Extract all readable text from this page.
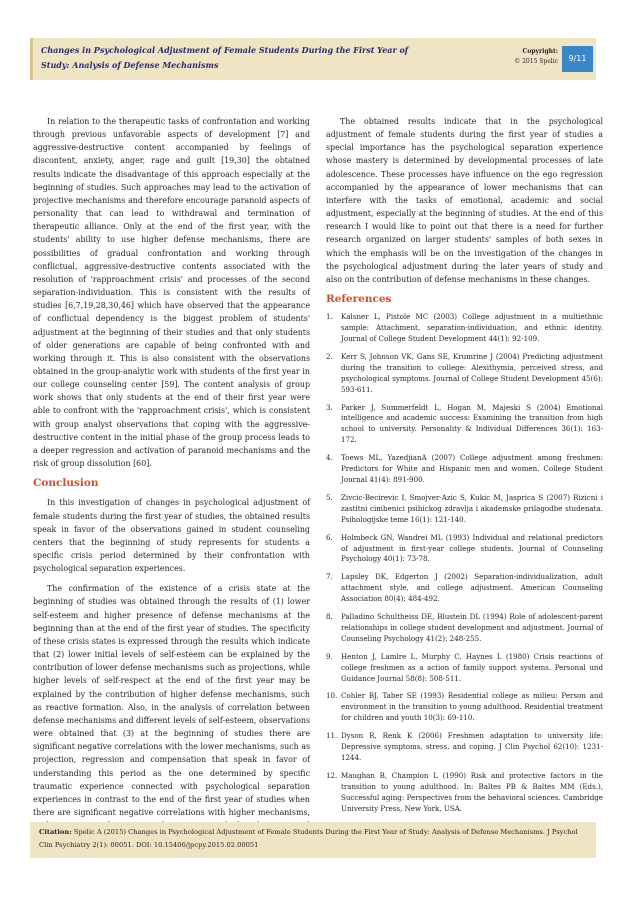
Changes in Psychological Adjustment of Female Students During the First Year of Study: Analysis of Defense Mechanisms
Copyright:
© 2015 Spelic	9/11

In relation to the therapeutic tasks of confrontation and working through previous unfavorable aspects of development [7] and aggressive-destructive content accompanied by feelings of discontent, anxiety, anger, rage and guilt [19,30] the obtained results indicate the disadvantage of this approach especially at the beginning of studies. Such approaches may lead to the activation of projective mechanisms and therefore encourage paranoid aspects of personality that can lead to withdrawal and termination of therapeutic alliance. Only at the end of the first year, with the students' ability to use higher defense mechanisms, there are possibilities of gradual confrontation and working through conflictual, aggressive-destructive contents associated with the resolution of 'rapproachment crisis' and processes of the second separation-individuation. This is consistent with the results of studies [6,7,19,28,30,46] which have observed that the appearance of conflictual dependency is the biggest problem of students' adjustment at the beginning of their studies and that only students of older generations are capable of being confronted with and working through it. This is also consistent with the observations obtained in the group-analytic work with students of the first year in our college counseling center [59]. The content analysis of group work shows that only students at the end of their first year were able to confront with the 'rapproachment crisis', which is consistent with group analyst observations that coping with the aggressive-destructive content in the initial phase of the group process leads to a deeper regression and activation of paranoid mechanisms and the risk of group dissolution [60].

Conclusion

In this investigation of changes in psychological adjustment of female students during the first year of studies, the obtained results speak in favor of the observations gained in student counseling centers that the beginning of study represents for students a specific crisis period determined by their confrontation with psychological separation experiences.

The confirmation of the existence of a crisis state at the beginning of studies was obtained through the results of (1) lower self-esteem and higher presence of defense mechanisms at the beginning than at the end of the first year of studies. The specificity of these crisis states is expressed through the results which indicate that (2) lower initial levels of self-esteem can be explained by the contribution of lower defense mechanisms such as projections, while higher levels of self-respect at the end of the first year may be explained by the contribution of higher defense mechanisms, such as reactive formation. Also, in the analysis of correlation between defense mechanisms and different levels of self-esteem, observations were obtained that (3) at the beginning of studies there are significant negative correlations with the lower mechanisms, such as projection, regression and compensation that speak in favor of understanding this period as the one determined by specific traumatic experience connected with psychological separation experiences in contrast to the end of the first year of studies when there are significant negative correlations with higher mechanisms,

The obtained results indicate that in the psychological adjustment of female students during the first year of studies a special importance has the psychological separation experience whose mastery is determined by developmental processes of late adolescence. These processes have influence on the ego regression accompanied by the appearance of lower mechanisms that can interfere with the tasks of emotional, academic and social adjustment, especially at the beginning of studies. At the end of this research I would like to point out that there is a need for further research organized on larger students' samples of both sexes in which the emphasis will be on the investigation of the changes in the psychological adjustment during the later years of study and also on the contribution of defense mechanisms in these changes.

References
1.	Kalsner L, Pistole MC (2003) College adjustment in a multiethnic sample: Attachment, separation-individuation, and ethnic identity. Journal of College Student Development 44(1): 92-109.
2.	Kerr S, Johnson VK, Gans SE, Krumrine J (2004) Predicting adjustment during the transition to college: Alexithymia, perceived stress, and psychological symptoms. Journal of College Student Development 45(6): 593-611.
3.	Parker J, Summerfeldt L, Hogan M, Majeski S (2004) Emotional intelligence and academic success: Examining the transition from high school to university. Personality & Individual Differences 36(1): 163-172.
4.	Toews ML, YazedjianA (2007) College adjustment among freshmen: Predictors for White and Hispanic men and women. College Student Journal 41(4): 891-900.
5.	Zivcic-Becirevic I, Smojver-Azic S, Kukic M, Jasprica S (2007) Rizicni i zastitni cimbenici psihickog zdravlja i akademske prilagodbe studenata. Psihologijske teme 16(1): 121-140.
6.	Holmbeck GN, Wandrei ML (1993) Individual and relational predictors of adjustment in first-year college students. Journal of Counseling Psychology 40(1): 73-78.
7.	Lapsley DK, Edgerton J (2002) Separation-individualization, adult attachment style, and college adjustment. American Counseling Association 80(4): 484-492.
8.	Palladino Schultheiss DE, Blustein DL (1994) Role of adolescent-parent relationships in college student development and adjustment. Journal of Counseling Psychology 41(2): 248-255.
9.	Henton J, Lamlre L, Murphy C, Haynes L (1980) Crisis reactions of college freshmen as a action of family support systems. Personal und Guidance Journal 58(8): 508-511.
10. Cohler BJ, Taber SE (1993) Residential college as milieu: Person and environment in the transition to young adulthood. Residential treatment for children and youth 10(3): 69-110.
11. Dyson R, Renk K (2006) Freshmen adaptation to university life: Depressive symptoms, stress, and coping. J Clin Psychol 62(10): 1231-1244.
12. Maughan B, Champion L (1990) Risk and protective factors in the transition to young adulthood. In: Baltes PB & Baltes MM (Eds.), Successful aging: Perspectives from the behavioral sciences. Cambridge University Press, New York, USA.
Citation: Spelic A (2015) Changes in Psychological Adjustment of Female Students During the First Year of Study: Analysis of Defense Mechanisms. J Psychol Clin Psychiatry 2(1): 00051. DOI: 10.15406/jpcpy.2015.02.00051
